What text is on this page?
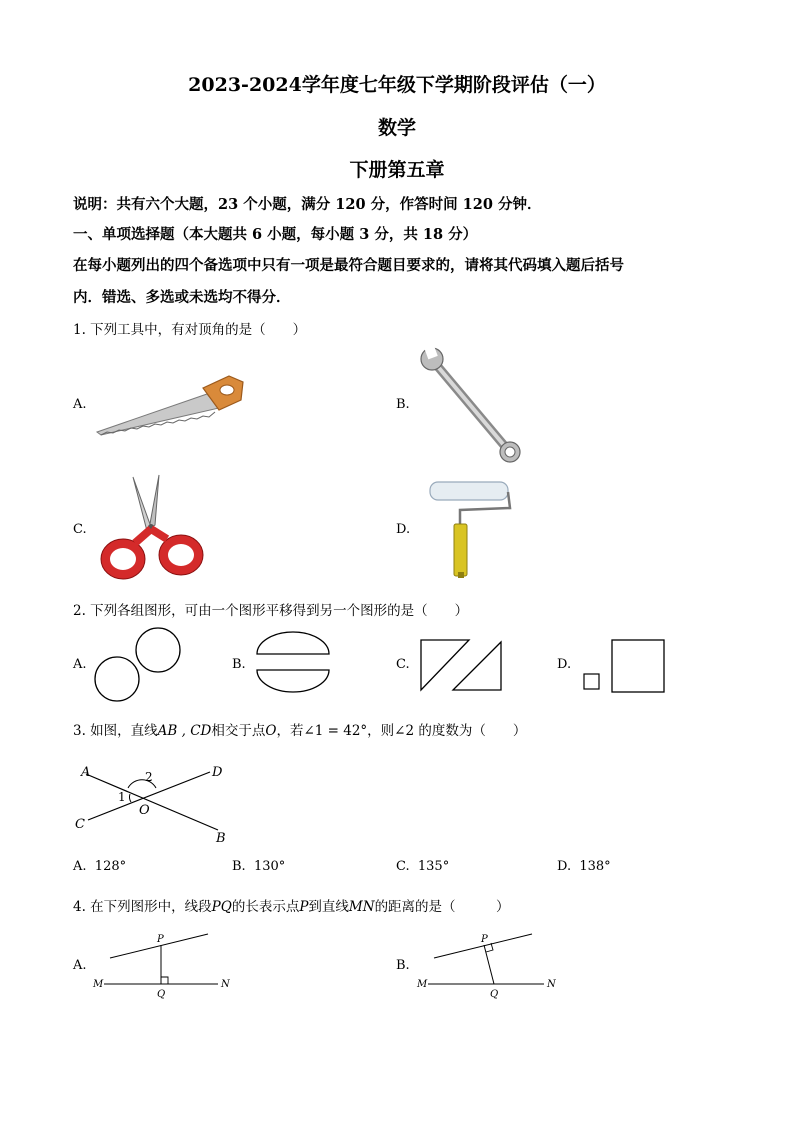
2023-2024学年度七年级下学期阶段评估（一）
数学
下册第五章
说明：共有六个大题，23 个小题，满分 120 分，作答时间 120 分钟．
一、单项选择题（本大题共 6 小题，每小题 3 分，共 18 分）
在每小题列出的四个备选项中只有一项是最符合题目要求的，请将其代码填入题后括号
内．错选、多选或未选均不得分．
1. 下列工具中，有对顶角的是（　　）
A.	B.
C.	D.
2. 下列各组图形，可由一个图形平移得到另一个图形的是（　　）
A.	B.	C.	D.
3. 如图，直线AB , CD相交于点O，若∠1 = 42°，则∠2 的度数为（　　）
A	D
C
B
O
1
2
A. 128°	B. 130°	C. 135°	D. 138°
4. 在下列图形中，线段PQ的长表示点P到直线MN的距离的是（　　　）
A.
P
Q
M	N
B.
P
Q
M	N
